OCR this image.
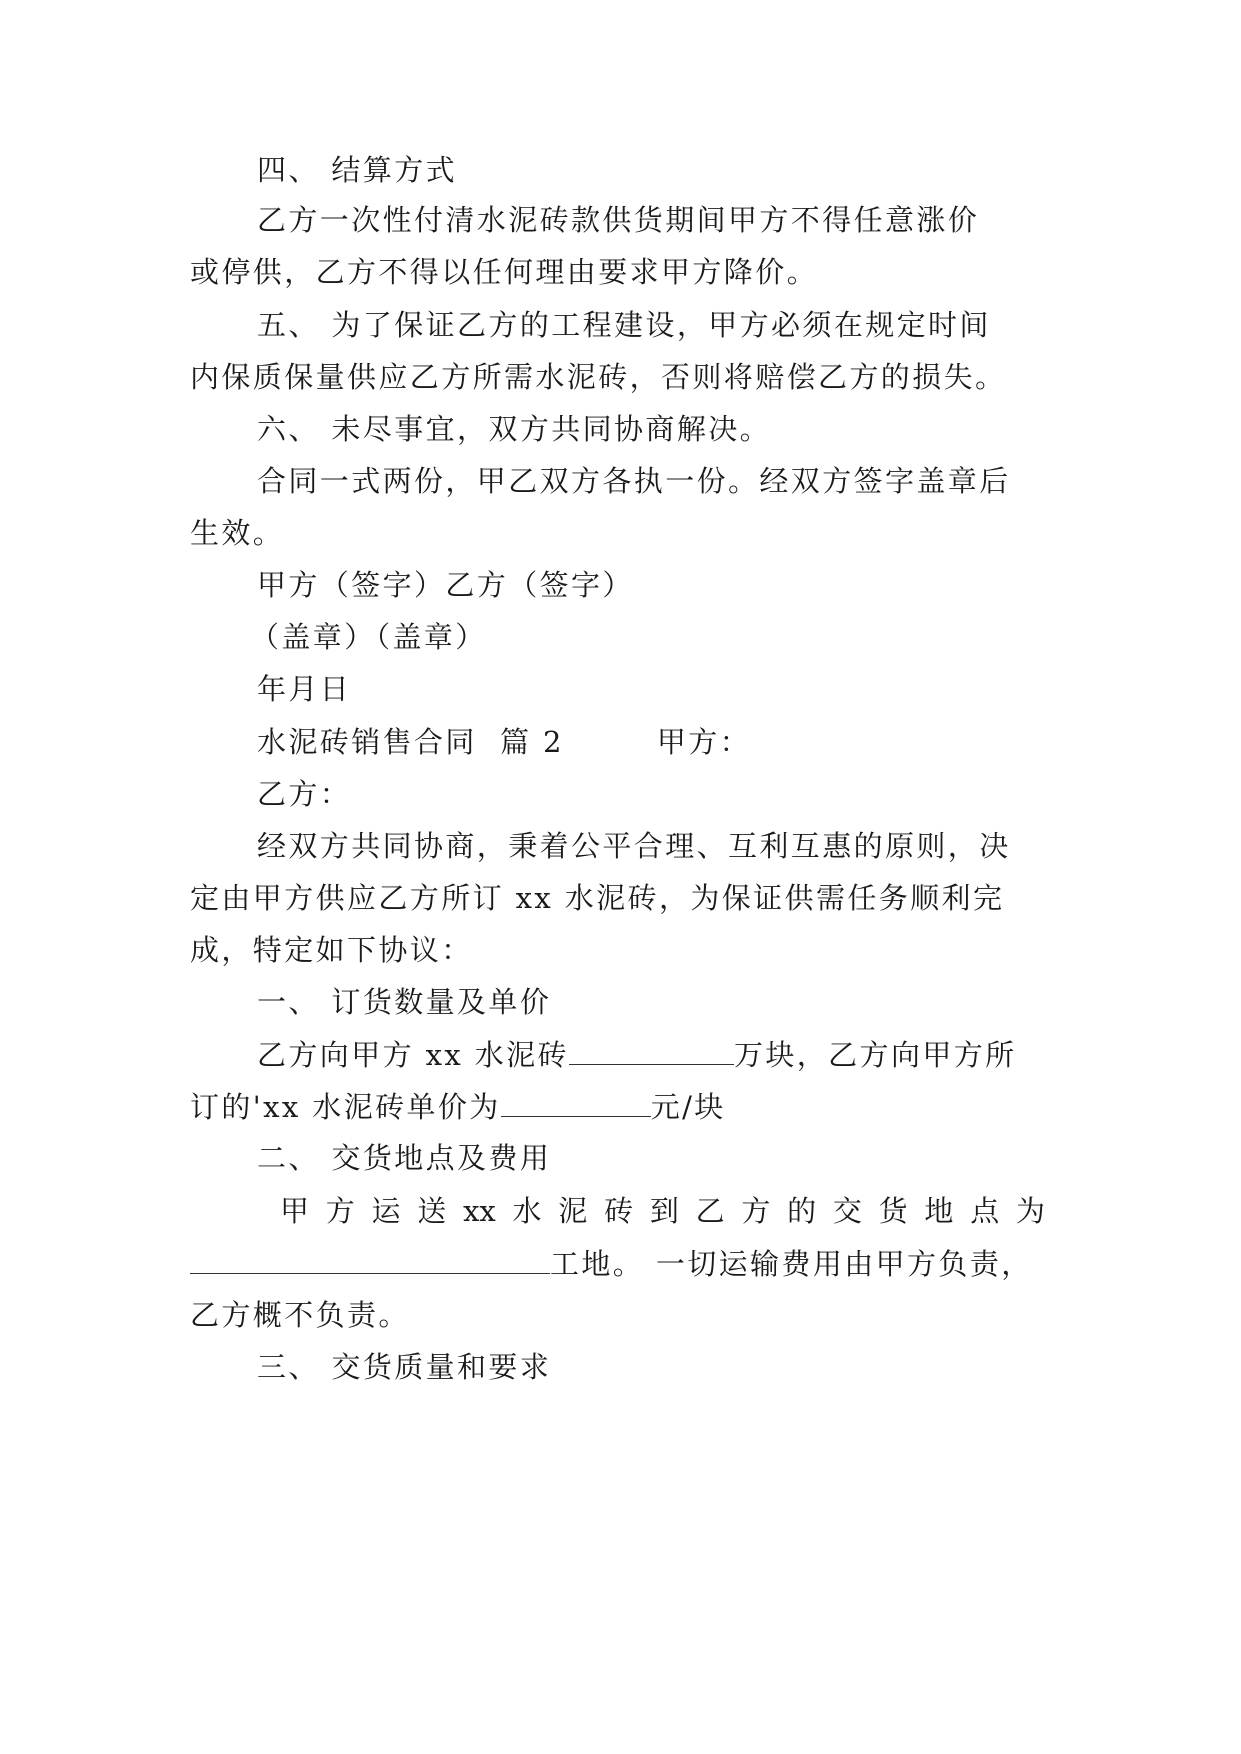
四、 结算方式
乙方一次性付清水泥砖款供货期间甲方不得任意涨价
或停供，乙方不得以任何理由要求甲方降价。
五、 为了保证乙方的工程建设，甲方必须在规定时间
内保质保量供应乙方所需水泥砖，否则将赔偿乙方的损失。
六、 未尽事宜，双方共同协商解决。
合同一式两份，甲乙双方各执一份。经双方签字盖章后
生效。
甲方（签字）乙方（签字）
（盖章）（盖章）
年月日
水泥砖销售合同  篇 2        甲方：
乙方：
经双方共同协商，秉着公平合理、互利互惠的原则，决
定由甲方供应乙方所订 xx 水泥砖，为保证供需任务顺利完
成，特定如下协议：
一、 订货数量及单价
乙方向甲方 xx 水泥砖	万块，乙方向甲方所
订的'xx 水泥砖单价为	元/块
二、 交货地点及费用
甲 方 运 送 xx 水 泥 砖 到 乙 方 的 交 货 地 点 为
工地。 一切运输费用由甲方负责，
乙方概不负责。
三、 交货质量和要求
